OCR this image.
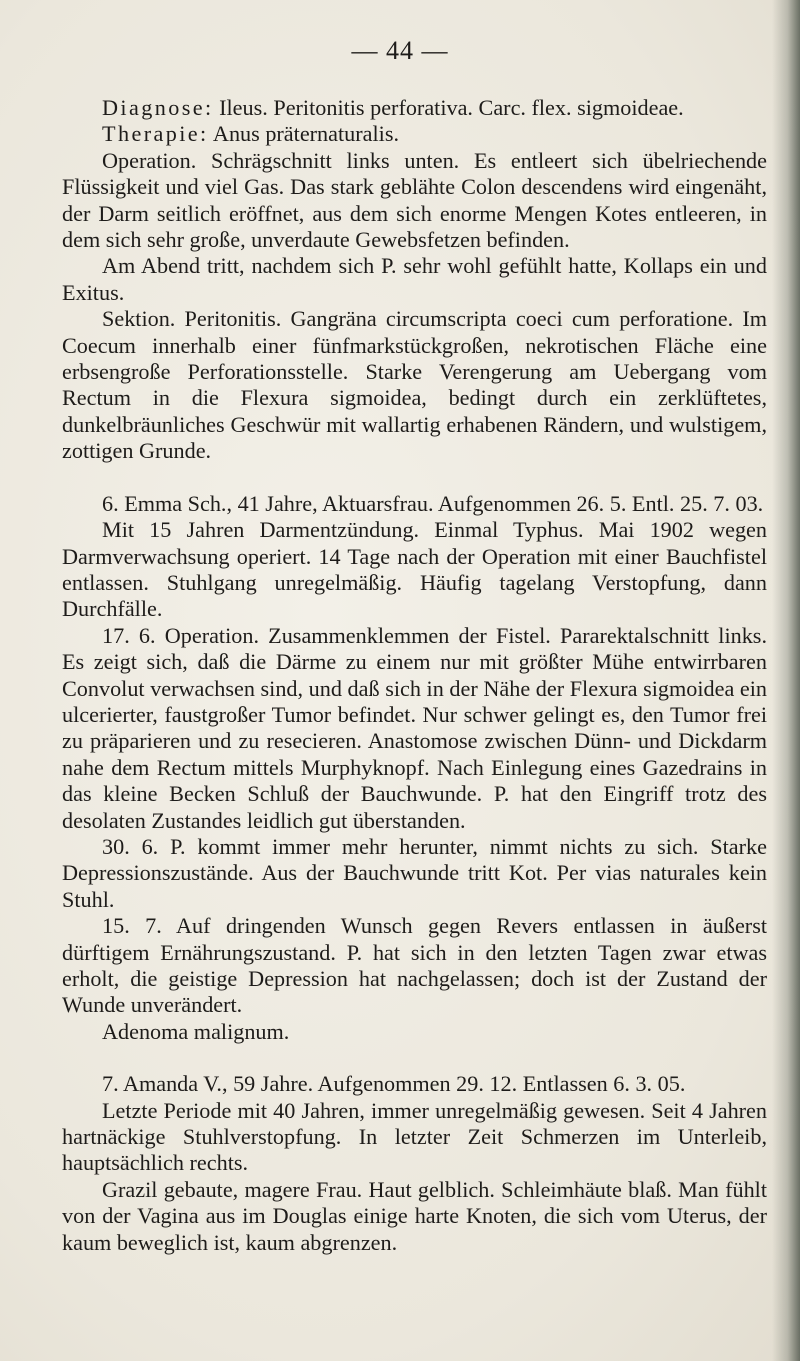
— 44 —

Diagnose: Ileus. Peritonitis perforativa. Carc. flex. sigmoideae.

Therapie: Anus präternaturalis.

Operation. Schrägschnitt links unten. Es entleert sich übelriechende Flüssigkeit und viel Gas. Das stark geblähte Colon descendens wird eingenäht, der Darm seitlich eröffnet, aus dem sich enorme Mengen Kotes entleeren, in dem sich sehr große, unverdaute Gewebsfetzen befinden.

Am Abend tritt, nachdem sich P. sehr wohl gefühlt hatte, Kollaps ein und Exitus.

Sektion. Peritonitis. Gangräna circumscripta coeci cum perforatione. Im Coecum innerhalb einer fünfmarkstückgroßen, nekrotischen Fläche eine erbsengroße Perforationsstelle. Starke Verengerung am Uebergang vom Rectum in die Flexura sigmoidea, bedingt durch ein zerklüftetes, dunkelbräunliches Geschwür mit wallartig erhabenen Rändern, und wulstigem, zottigen Grunde.

6. Emma Sch., 41 Jahre, Aktuarsfrau. Aufgenommen 26. 5. Entl. 25. 7. 03.

Mit 15 Jahren Darmentzündung. Einmal Typhus. Mai 1902 wegen Darmverwachsung operiert. 14 Tage nach der Operation mit einer Bauchfistel entlassen. Stuhlgang unregelmäßig. Häufig tagelang Verstopfung, dann Durchfälle.

17. 6. Operation. Zusammenklemmen der Fistel. Pararektalschnitt links. Es zeigt sich, daß die Därme zu einem nur mit größter Mühe entwirrbaren Convolut verwachsen sind, und daß sich in der Nähe der Flexura sigmoidea ein ulcerierter, faustgroßer Tumor befindet. Nur schwer gelingt es, den Tumor frei zu präparieren und zu resecieren. Anastomose zwischen Dünn- und Dickdarm nahe dem Rectum mittels Murphyknopf. Nach Einlegung eines Gazedrains in das kleine Becken Schluß der Bauchwunde. P. hat den Eingriff trotz des desolaten Zustandes leidlich gut überstanden.

30. 6. P. kommt immer mehr herunter, nimmt nichts zu sich. Starke Depressionszustände. Aus der Bauchwunde tritt Kot. Per vias naturales kein Stuhl.

15. 7. Auf dringenden Wunsch gegen Revers entlassen in äußerst dürftigem Ernährungszustand. P. hat sich in den letzten Tagen zwar etwas erholt, die geistige Depression hat nachgelassen; doch ist der Zustand der Wunde unverändert.

Adenoma malignum.

7. Amanda V., 59 Jahre. Aufgenommen 29. 12. Entlassen 6. 3. 05.

Letzte Periode mit 40 Jahren, immer unregelmäßig gewesen. Seit 4 Jahren hartnäckige Stuhlverstopfung. In letzter Zeit Schmerzen im Unterleib, hauptsächlich rechts.

Grazil gebaute, magere Frau. Haut gelblich. Schleimhäute blaß. Man fühlt von der Vagina aus im Douglas einige harte Knoten, die sich vom Uterus, der kaum beweglich ist, kaum abgrenzen.
